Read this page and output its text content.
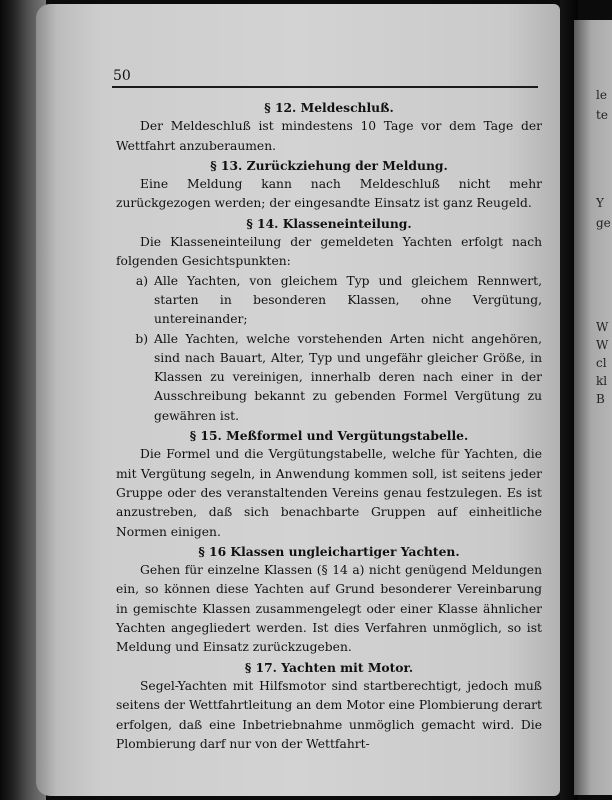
le
te
Y
ge
W
W
cl
kl
B
50
§ 12. Meldeschluß.

Der Meldeschluß ist mindestens 10 Tage vor dem Tage der Wettfahrt anzuberaumen.

§ 13. Zurückziehung der Meldung.

Eine Meldung kann nach Meldeschluß nicht mehr zurückgezogen werden; der eingesandte Einsatz ist ganz Reugeld.

§ 14. Klasseneinteilung.

Die Klasseneinteilung der gemeldeten Yachten erfolgt nach folgenden Gesichtspunkten:

a) Alle Yachten, von gleichem Typ und gleichem Rennwert, starten in besonderen Klassen, ohne Vergütung, untereinander;
b) Alle Yachten, welche vorstehenden Arten nicht angehören, sind nach Bauart, Alter, Typ und ungefähr gleicher Größe, in Klassen zu vereinigen, innerhalb deren nach einer in der Ausschreibung bekannt zu gebenden Formel Vergütung zu gewähren ist.
§ 15. Meßformel und Vergütungstabelle.

Die Formel und die Vergütungstabelle, welche für Yachten, die mit Vergütung segeln, in Anwendung kommen soll, ist seitens jeder Gruppe oder des veranstaltenden Vereins genau festzulegen. Es ist anzustreben, daß sich benachbarte Gruppen auf einheitliche Normen einigen.

§ 16 Klassen ungleichartiger Yachten.

Gehen für einzelne Klassen (§ 14 a) nicht genügend Meldungen ein, so können diese Yachten auf Grund besonderer Vereinbarung in gemischte Klassen zusammengelegt oder einer Klasse ähnlicher Yachten angegliedert werden. Ist dies Verfahren unmöglich, so ist Meldung und Einsatz zurückzugeben.

§ 17. Yachten mit Motor.

Segel-Yachten mit Hilfsmotor sind startberechtigt, jedoch muß seitens der Wettfahrtleitung an dem Motor eine Plombierung derart erfolgen, daß eine Inbetriebnahme unmöglich gemacht wird. Die Plombierung darf nur von der Wettfahrt-
